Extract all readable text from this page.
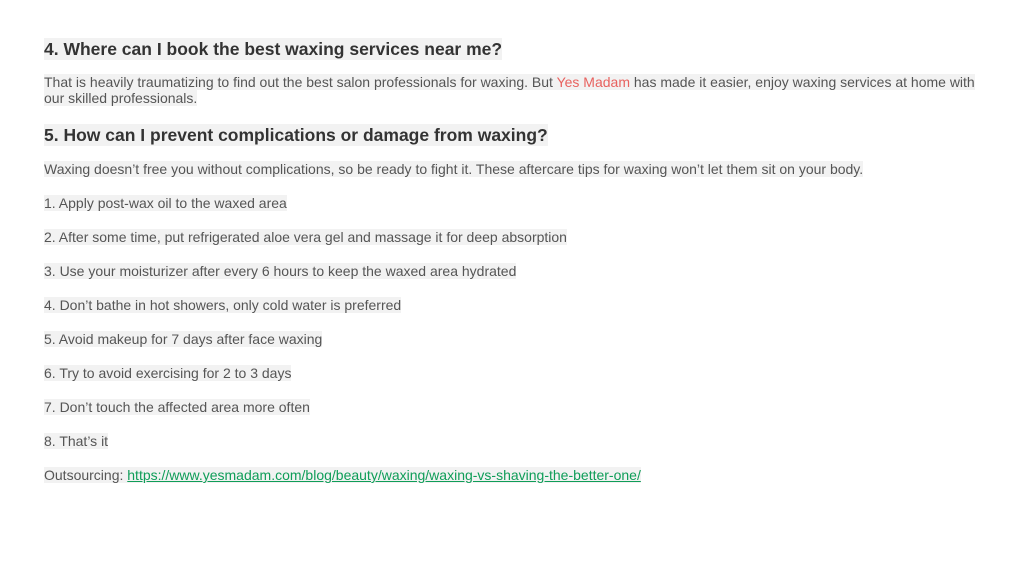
4. Where can I book the best waxing services near me?

That is heavily traumatizing to find out the best salon professionals for waxing. But Yes Madam has made it easier, enjoy waxing services at home with our skilled professionals.

5. How can I prevent complications or damage from waxing?

Waxing doesn’t free you without complications, so be ready to fight it. These aftercare tips for waxing won’t let them sit on your body.

1. Apply post-wax oil to the waxed area

2. After some time, put refrigerated aloe vera gel and massage it for deep absorption

3. Use your moisturizer after every 6 hours to keep the waxed area hydrated

4. Don’t bathe in hot showers, only cold water is preferred

5. Avoid makeup for 7 days after face waxing

6. Try to avoid exercising for 2 to 3 days

7. Don’t touch the affected area more often

8. That’s it

Outsourcing: https://www.yesmadam.com/blog/beauty/waxing/waxing-vs-shaving-the-better-one/
